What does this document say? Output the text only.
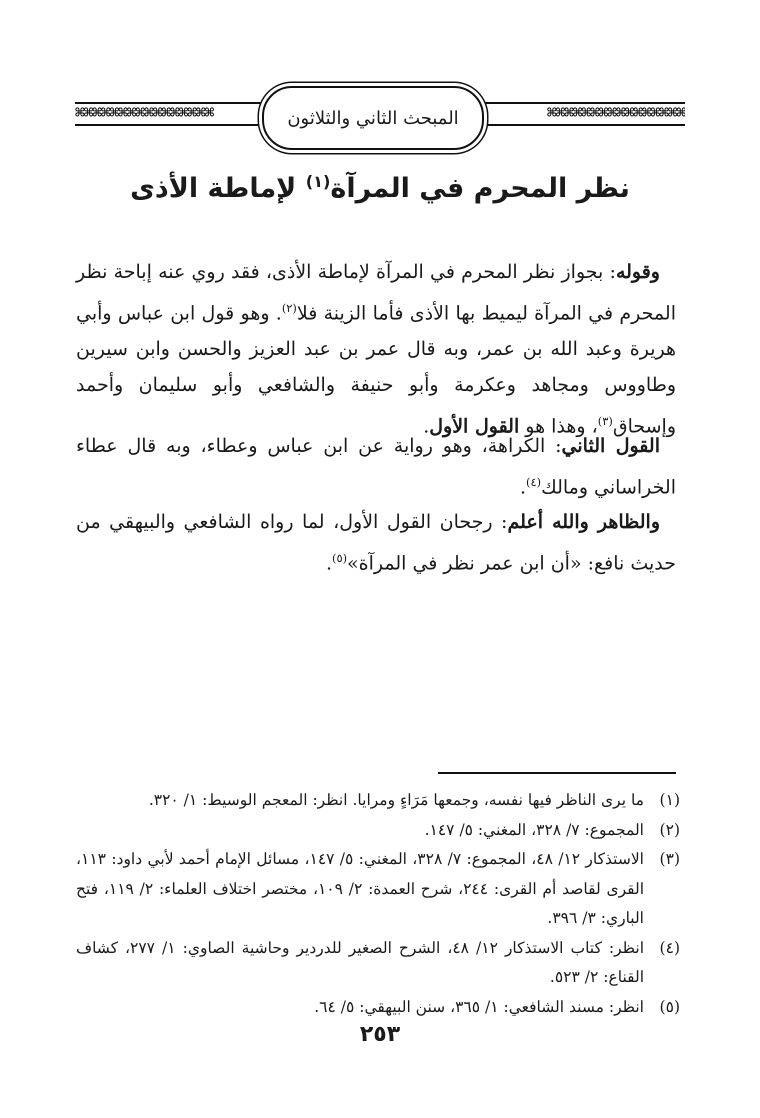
⌘⌘⌘⌘⌘⌘⌘⌘⌘⌘⌘⌘⌘⌘⌘⌘	⌘⌘⌘⌘⌘⌘⌘⌘⌘⌘⌘⌘⌘⌘⌘⌘
المبحث الثاني والثلاثون
نظر المحرم في المرآة$^{(١)}$ لإماطة الأذى

وقوله: بجواز نظر المحرم في المرآة لإماطة الأذى، فقد روي عنه إباحة نظر المحرم في المرآة ليميط بها الأذى فأما الزينة فلا$^{(٢)}$. وهو قول ابن عباس وأبي هريرة وعبد الله بن عمر، وبه قال عمر بن عبد العزيز والحسن وابن سيرين وطاووس ومجاهد وعكرمة وأبو حنيفة والشافعي وأبو سليمان وأحمد وإسحاق$^{(٣)}$، وهذا هو القول الأول.

القول الثاني: الكراهة، وهو رواية عن ابن عباس وعطاء، وبه قال عطاء الخراساني ومالك$^{(٤)}$.

والظاهر والله أعلم: رجحان القول الأول، لما رواه الشافعي والبيهقي من حديث نافع: «أن ابن عمر نظر في المرآة»$^{(٥)}$.

(١)
ما يرى الناظر فيها نفسه، وجمعها مَرَاءٍ ومرايا. انظر: المعجم الوسيط: ١/ ٣٢٠.
(٢)
المجموع: ٧/ ٣٢٨، المغني: ٥/ ١٤٧.
(٣)
الاستذكار ١٢/ ٤٨، المجموع: ٧/ ٣٢٨، المغني: ٥/ ١٤٧، مسائل الإمام أحمد لأبي داود: ١١٣، القرى لقاصد أم القرى: ٢٤٤، شرح العمدة: ٢/ ١٠٩، مختصر اختلاف العلماء: ٢/ ١١٩، فتح الباري: ٣/ ٣٩٦.
(٤)
انظر: كتاب الاستذكار ١٢/ ٤٨، الشرح الصغير للدردير وحاشية الصاوي: ١/ ٢٧٧، كشاف القناع: ٢/ ٥٢٣.
(٥)
انظر: مسند الشافعي: ١/ ٣٦٥، سنن البيهقي: ٥/ ٦٤.
٢٥٣
